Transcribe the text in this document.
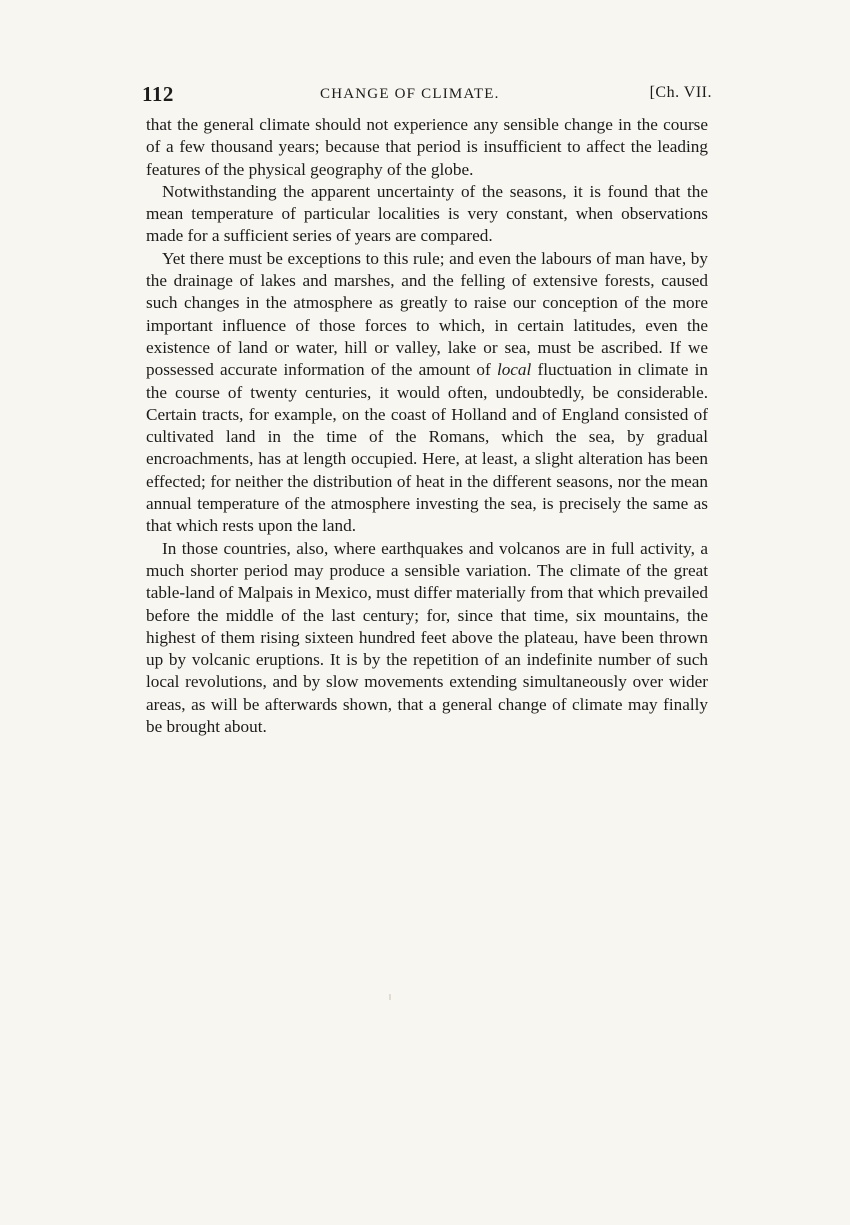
112	CHANGE OF CLIMATE.	[Ch. VII.

that the general climate should not experience any sensible change in the course of a few thousand years; because that period is insufficient to affect the leading features of the physical geography of the globe.

Notwithstanding the apparent uncertainty of the seasons, it is found that the mean temperature of particular localities is very constant, when observations made for a sufficient series of years are compared.

Yet there must be exceptions to this rule; and even the labours of man have, by the drainage of lakes and marshes, and the felling of extensive forests, caused such changes in the atmosphere as greatly to raise our conception of the more important influence of those forces to which, in certain latitudes, even the existence of land or water, hill or valley, lake or sea, must be ascribed. If we possessed accurate information of the amount of local fluctuation in climate in the course of twenty centuries, it would often, undoubtedly, be considerable. Certain tracts, for example, on the coast of Holland and of England consisted of cultivated land in the time of the Romans, which the sea, by gradual encroachments, has at length occupied. Here, at least, a slight alteration has been effected; for neither the distribution of heat in the different seasons, nor the mean annual temperature of the atmosphere investing the sea, is precisely the same as that which rests upon the land.

In those countries, also, where earthquakes and volcanos are in full activity, a much shorter period may produce a sensible variation. The climate of the great table-land of Malpais in Mexico, must differ materially from that which prevailed before the middle of the last century; for, since that time, six mountains, the highest of them rising sixteen hundred feet above the plateau, have been thrown up by volcanic eruptions. It is by the repetition of an indefinite number of such local revolutions, and by slow movements extending simultaneously over wider areas, as will be afterwards shown, that a general change of climate may finally be brought about.
